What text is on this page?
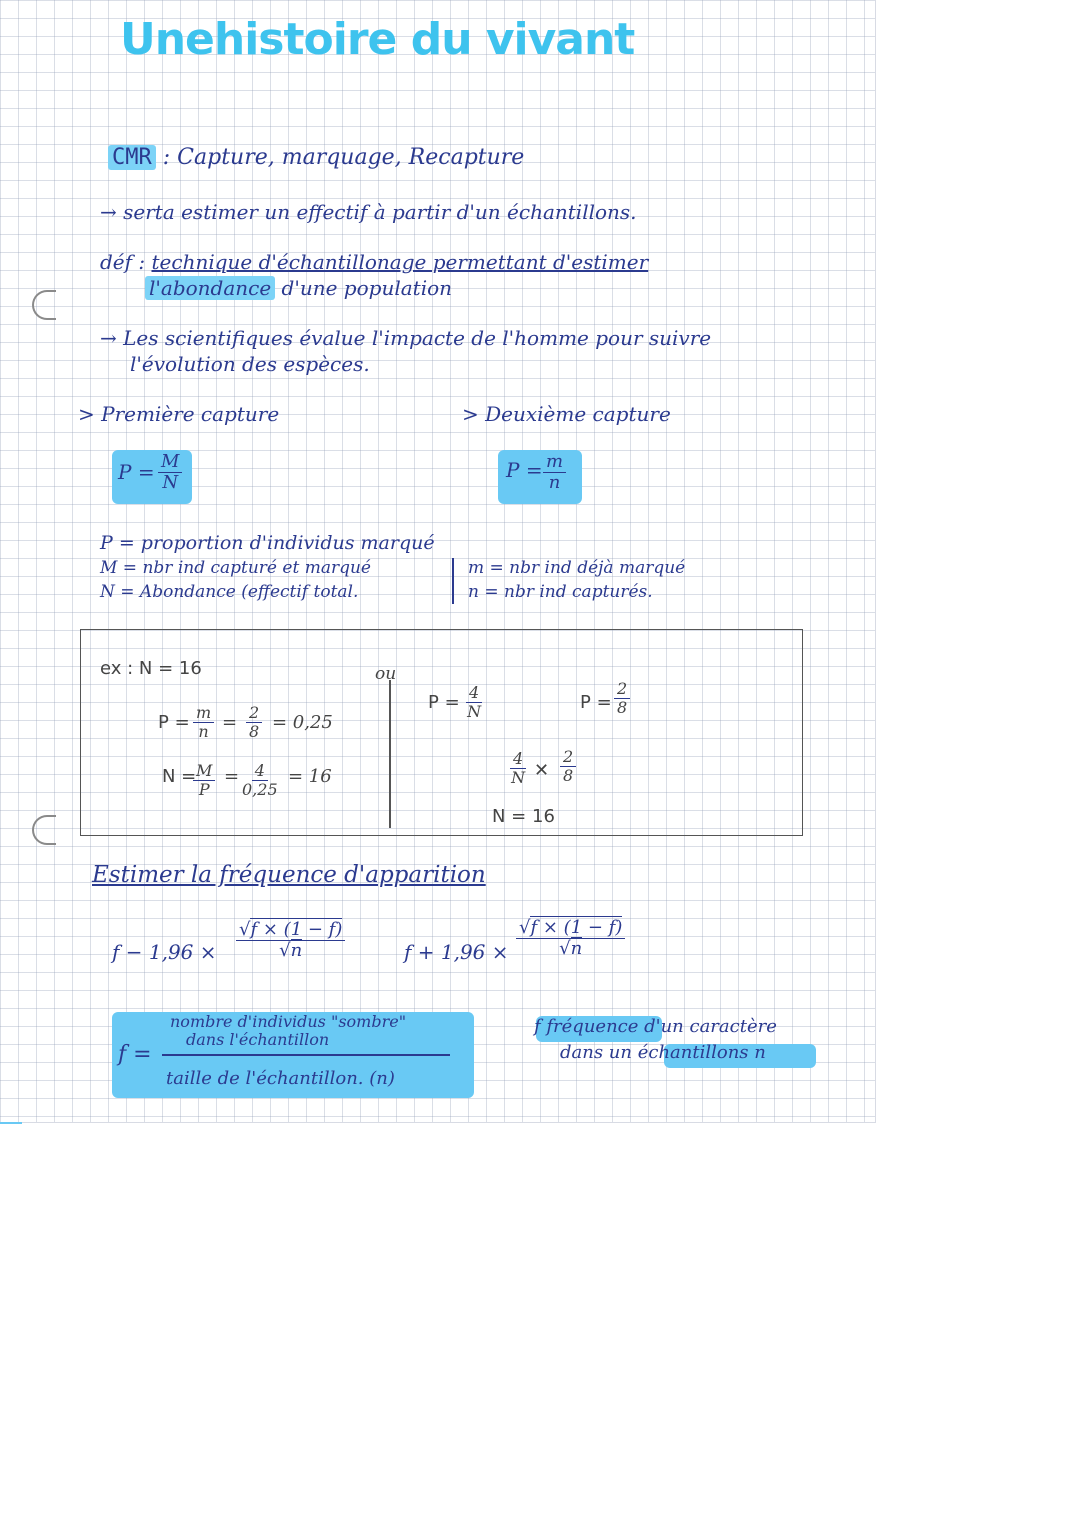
Unehistoire du vivant
CMR : Capture, marquage, Recapture
→ serta estimer un effectif à partir d'un échantillons.
déf : technique d'échantillonage permettant d'estimer
l'abondance d'une population
→ Les scientifiques évalue l'impacte de l'homme pour suivre
l'évolution des espèces.
> Première capture	> Deuxième capture
$P = \frac{M}{N}$	$P = \frac{m}{n}$
P = proportion d'individus marqué
M = nbr ind capturé et marqué
N = Abondance (effectif total.
m = nbr ind déjà marqué
n = nbr ind capturés.
ex : N = 16	ou
$P = \frac{m}{n} = \frac{2}{8} = 0,25$
N =
$\frac{M}{P} = \frac{4}{0,25} = 16$
$P = \frac{4}{N}$	$P = \frac{2}{8}$
$\frac{4}{N}$ ✕ $\frac{2}{8}$
N = 16
Estimer la fréquence d'apparition
$f - 1,96 \times \frac{√f \times (1 - f)}{√n}$	$f + 1,96 \times \frac{√f \times (1 - f)}{√n}$
f =
nombre d'individus "sombre"
dans l'échantillon
taille de l'échantillon. (n)
f fréquence d'un caractère
dans un échantillons n
